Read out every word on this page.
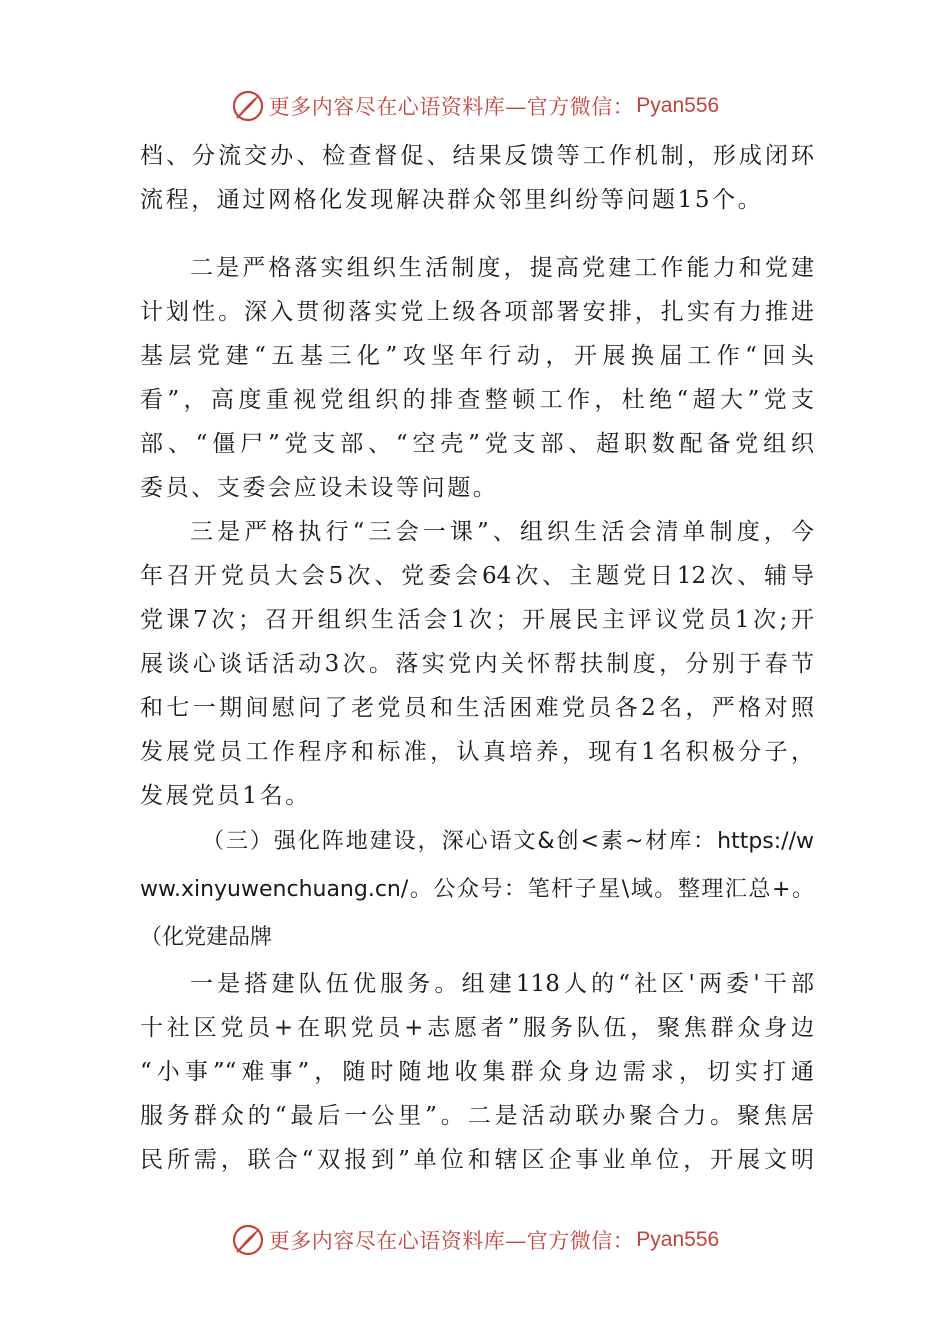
更多内容尽在心语资料库—官方微信： Pyan556
档、分流交办、检查督促、结果反馈等工作机制，形成闭环
流程，通过网格化发现解决群众邻里纠纷等问题15个。
二是严格落实组织生活制度，提高党建工作能力和党建
计划性。深入贯彻落实党上级各项部署安排，扎实有力推进
基层党建“五基三化”攻坚年行动，开展换届工作“回头
看”，高度重视党组织的排查整顿工作，杜绝“超大”党支
部、“僵尸”党支部、“空壳”党支部、超职数配备党组织
委员、支委会应设未设等问题。
三是严格执行“三会一课”、组织生活会清单制度，今
年召开党员大会5次、党委会64次、主题党日12次、辅导
党课7次；召开组织生活会1次；开展民主评议党员1次;开
展谈心谈话活动3次。落实党内关怀帮扶制度，分别于春节
和七一期间慰问了老党员和生活困难党员各2名，严格对照
发展党员工作程序和标准，认真培养，现有1名积极分子，
发展党员1名。
（三）强化阵地建设，深心语文&创<素~材库：https://w
ww.xinyuwenchuang.cn/。公众号：笔杆子星\域。整理汇总+。
（化党建品牌
一是搭建队伍优服务。组建118人的“社区'两委'干部
十社区党员+在职党员+志愿者”服务队伍，聚焦群众身边
“小事”“难事”，随时随地收集群众身边需求，切实打通
服务群众的“最后一公里”。二是活动联办聚合力。聚焦居
民所需，联合“双报到”单位和辖区企事业单位，开展文明
更多内容尽在心语资料库—官方微信： Pyan556
